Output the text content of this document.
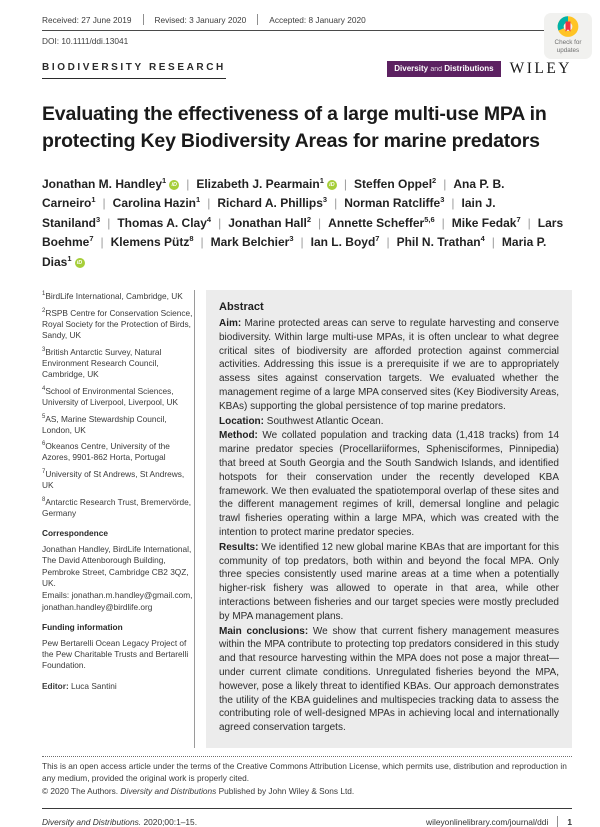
Check for
updates
Received: 27 June 2019	Revised: 3 January 2020	Accepted: 8 January 2020
DOI: 10.1111/ddi.13041
BIODIVERSITY RESEARCH	Diversity and Distributions	WILEY
Evaluating the effectiveness of a large multi-use MPA in protecting Key Biodiversity Areas for marine predators
Jonathan M. Handley$^1$ iD | Elizabeth J. Pearmain$^1$ iD | Steffen Oppel$^2$ | Ana P. B. Carneiro$^1$ | Carolina Hazin$^1$ | Richard A. Phillips$^3$ | Norman Ratcliffe$^3$ | Iain J. Staniland$^3$ | Thomas A. Clay$^4$ | Jonathan Hall$^2$ | Annette Scheffer$^{5,6}$ | Mike Fedak$^7$ | Lars Boehme$^7$ | Klemens Pütz$^8$ | Mark Belchier$^3$ | Ian L. Boyd$^7$ | Phil N. Trathan$^4$ | Maria P. Dias$^1$ iD

$^1$BirdLife International, Cambridge, UK

$^2$RSPB Centre for Conservation Science, Royal Society for the Protection of Birds, Sandy, UK

$^3$British Antarctic Survey, Natural Environment Research Council, Cambridge, UK

$^4$School of Environmental Sciences, University of Liverpool, Liverpool, UK

$^5$AS, Marine Stewardship Council, London, UK

$^6$Okeanos Centre, University of the Azores, 9901-862 Horta, Portugal

$^7$University of St Andrews, St Andrews, UK

$^8$Antarctic Research Trust, Bremervörde, Germany

Correspondence

Jonathan Handley, BirdLife International, The David Attenborough Building, Pembroke Street, Cambridge CB2 3QZ, UK.

Emails: jonathan.m.handley@gmail.com, jonathan.handley@birdlife.org

Funding information

Pew Bertarelli Ocean Legacy Project of the Pew Charitable Trusts and Bertarelli Foundation.

Editor: Luca Santini

Abstract

Aim: Marine protected areas can serve to regulate harvesting and conserve biodiversity. Within large multi-use MPAs, it is often unclear to what degree critical sites of biodiversity are afforded protection against commercial activities. Addressing this issue is a prerequisite if we are to appropriately assess sites against conservation targets. We evaluated whether the management regime of a large MPA conserved sites (Key Biodiversity Areas, KBAs) supporting the global persistence of top marine predators.

Location: Southwest Atlantic Ocean.

Method: We collated population and tracking data (1,418 tracks) from 14 marine predator species (Procellariiformes, Sphenisciformes, Pinnipedia) that breed at South Georgia and the South Sandwich Islands, and identified hotspots for their conservation under the recently developed KBA framework. We then evaluated the spatiotemporal overlap of these sites and the different management regimes of krill, demersal longline and pelagic trawl fisheries operating within a large MPA, which was created with the intention to protect marine predator species.

Results: We identified 12 new global marine KBAs that are important for this community of top predators, both within and beyond the focal MPA. Only three species consistently used marine areas at a time when a potentially higher-risk fishery was allowed to operate in that area, while other interactions between fisheries and our target species were mostly precluded by MPA management plans.

Main conclusions: We show that current fishery management measures within the MPA contribute to protecting top predators considered in this study and that resource harvesting within the MPA does not pose a major threat—under current climate conditions. Unregulated fisheries beyond the MPA, however, pose a likely threat to identified KBAs. Our approach demonstrates the utility of the KBA guidelines and multispecies tracking data to assess the contributing role of well-designed MPAs in achieving local and internationally agreed conservation targets.

This is an open access article under the terms of the Creative Commons Attribution License, which permits use, distribution and reproduction in any medium, provided the original work is properly cited.
© 2020 The Authors. Diversity and Distributions Published by John Wiley & Sons Ltd.
Diversity and Distributions. 2020;00:1–15.	wileyonlinelibrary.com/journal/ddi 1
